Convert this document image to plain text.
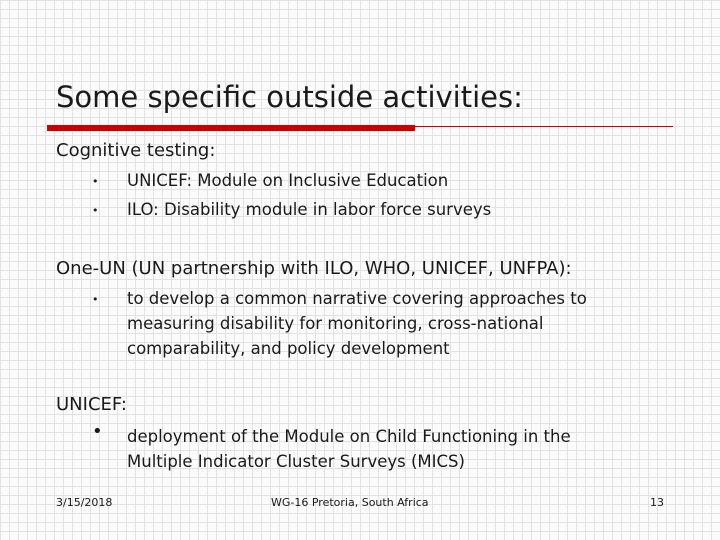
Some specific outside activities:

Cognitive testing:

• UNICEF: Module on Inclusive Education

• ILO: Disability module in labor force surveys

One-UN (UN partnership with ILO, WHO, UNICEF, UNFPA):

• to develop a common narrative covering approaches to

measuring disability for monitoring, cross-national

comparability, and policy development

UNICEF:

• deployment of the Module on Child Functioning in the

Multiple Indicator Cluster Surveys (MICS)

3/15/2018	WG-16 Pretoria, South Africa	13
